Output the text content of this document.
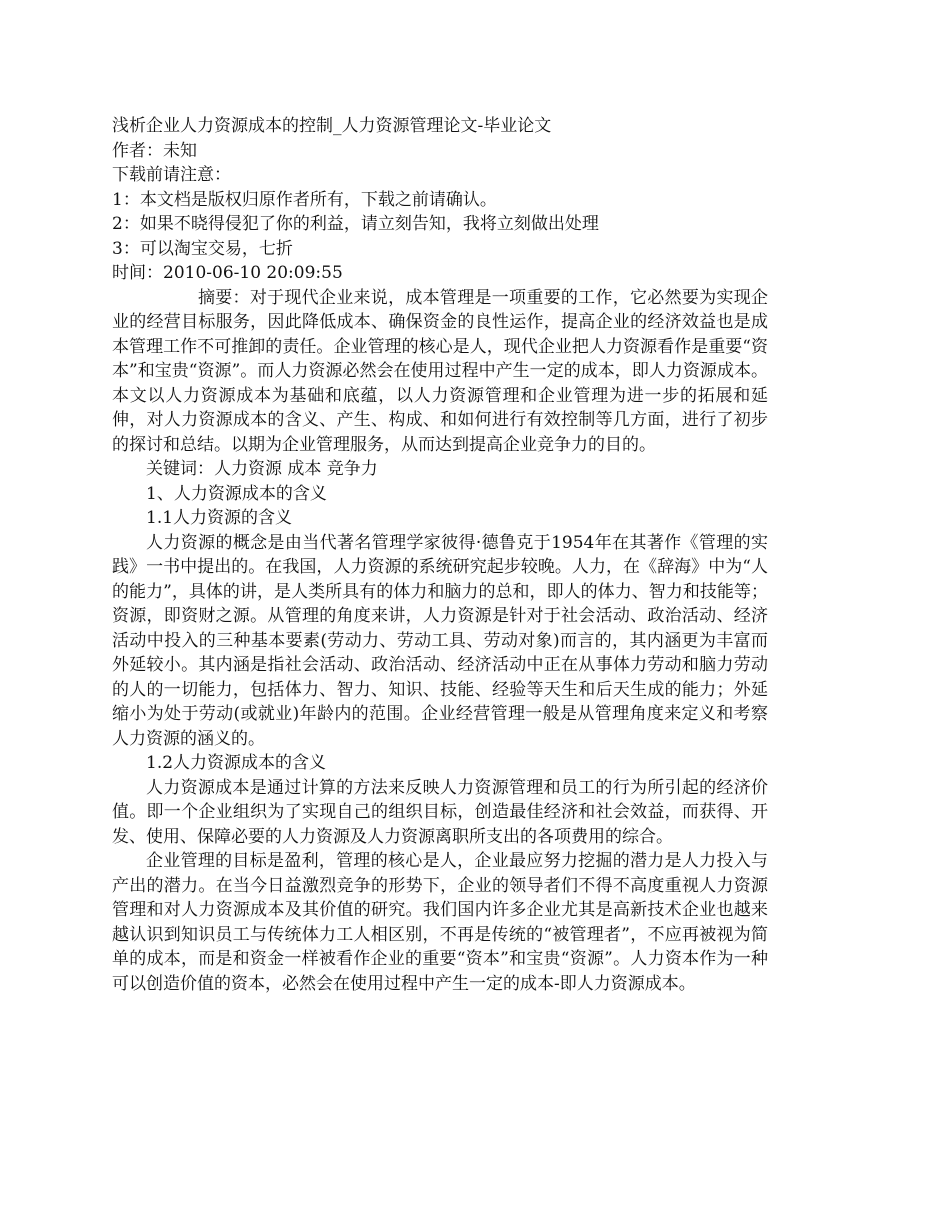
浅析企业人力资源成本的控制_人力资源管理论文-毕业论文

作者：未知

下载前请注意：

1：本文档是版权归原作者所有，下载之前请确认。

2：如果不晓得侵犯了你的利益，请立刻告知，我将立刻做出处理

3：可以淘宝交易，七折

时间：2010-06-10 20:09:55

摘要：对于现代企业来说，成本管理是一项重要的工作，它必然要为实现企业的经营目标服务，因此降低成本、确保资金的良性运作，提高企业的经济效益也是成本管理工作不可推卸的责任。企业管理的核心是人，现代企业把人力资源看作是重要“资本”和宝贵“资源”。而人力资源必然会在使用过程中产生一定的成本，即人力资源成本。本文以人力资源成本为基础和底蕴，以人力资源管理和企业管理为进一步的拓展和延伸，对人力资源成本的含义、产生、构成、和如何进行有效控制等几方面，进行了初步的探讨和总结。以期为企业管理服务，从而达到提高企业竞争力的目的。

关键词：人力资源 成本 竞争力

1、人力资源成本的含义

1.1人力资源的含义

人力资源的概念是由当代著名管理学家彼得·德鲁克于1954年在其著作《管理的实践》一书中提出的。在我国，人力资源的系统研究起步较晚。人力，在《辞海》中为“人的能力”，具体的讲，是人类所具有的体力和脑力的总和，即人的体力、智力和技能等；资源，即资财之源。从管理的角度来讲，人力资源是针对于社会活动、政治活动、经济活动中投入的三种基本要素(劳动力、劳动工具、劳动对象)而言的，其内涵更为丰富而外延较小。其内涵是指社会活动、政治活动、经济活动中正在从事体力劳动和脑力劳动的人的一切能力，包括体力、智力、知识、技能、经验等天生和后天生成的能力；外延缩小为处于劳动(或就业)年龄内的范围。企业经营管理一般是从管理角度来定义和考察人力资源的涵义的。

1.2人力资源成本的含义

人力资源成本是通过计算的方法来反映人力资源管理和员工的行为所引起的经济价值。即一个企业组织为了实现自己的组织目标，创造最佳经济和社会效益，而获得、开发、使用、保障必要的人力资源及人力资源离职所支出的各项费用的综合。

企业管理的目标是盈利，管理的核心是人，企业最应努力挖掘的潜力是人力投入与产出的潜力。在当今日益激烈竞争的形势下，企业的领导者们不得不高度重视人力资源管理和对人力资源成本及其价值的研究。我们国内许多企业尤其是高新技术企业也越来越认识到知识员工与传统体力工人相区别，不再是传统的“被管理者”，不应再被视为简单的成本，而是和资金一样被看作企业的重要“资本”和宝贵“资源”。人力资本作为一种可以创造价值的资本，必然会在使用过程中产生一定的成本-即人力资源成本。
